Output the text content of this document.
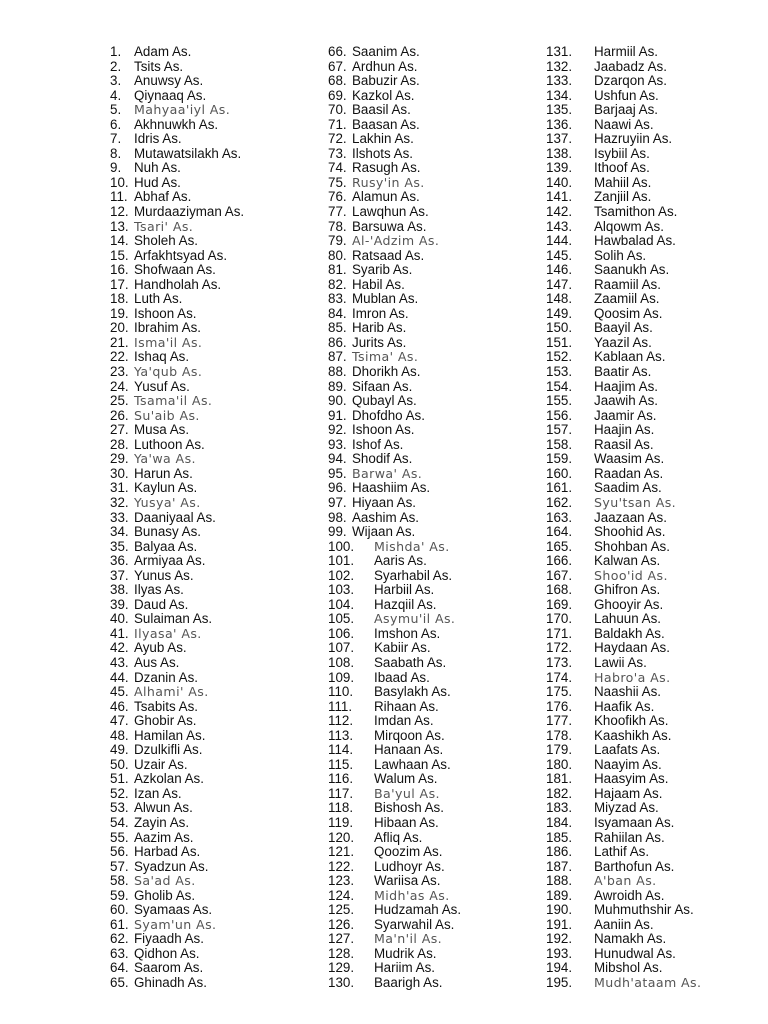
1. Adam As.
2. Tsits As.
3. Anuwsy As.
4. Qiynaaq As.
5. Mahyaa'iyl As.
6. Akhnuwkh As.
7. Idris As.
8. Mutawatsilakh As.
9. Nuh As.
10. Hud As.
11. Abhaf As.
12. Murdaaziyman As.
13. Tsari' As.
14. Sholeh As.
15. Arfakhtsyad As.
16. Shofwaan As.
17. Handholah As.
18. Luth As.
19. Ishoon As.
20. Ibrahim As.
21. Isma'il As.
22. Ishaq As.
23. Ya'qub As.
24. Yusuf As.
25. Tsama'il As.
26. Su'aib As.
27. Musa As.
28. Luthoon As.
29. Ya'wa As.
30. Harun As.
31. Kaylun As.
32. Yusya' As.
33. Daaniyaal As.
34. Bunasy As.
35. Balyaa As.
36. Armiyaa As.
37. Yunus As.
38. Ilyas As.
39. Daud As.
40. Sulaiman As.
41. Ilyasa' As.
42. Ayub As.
43. Aus As.
44. Dzanin As.
45. Alhami' As.
46. Tsabits As.
47. Ghobir As.
48. Hamilan As.
49. Dzulkifli As.
50. Uzair As.
51. Azkolan As.
52. Izan As.
53. Alwun As.
54. Zayin As.
55. Aazim As.
56. Harbad As.
57. Syadzun As.
58. Sa'ad As.
59. Gholib As.
60. Syamaas As.
61. Syam'un As.
62. Fiyaadh As.
63. Qidhon As.
64. Saarom As.
65. Ghinadh As.
66. Saanim As.
67. Ardhun As.
68. Babuzir As.
69. Kazkol As.
70. Baasil As.
71. Baasan As.
72. Lakhin As.
73. Ilshots As.
74. Rasugh As.
75. Rusy'in As.
76. Alamun As.
77. Lawqhun As.
78. Barsuwa As.
79. Al-'Adzim As.
80. Ratsaad As.
81. Syarib As.
82. Habil As.
83. Mublan As.
84. Imron As.
85. Harib As.
86. Jurits As.
87. Tsima' As.
88. Dhorikh As.
89. Sifaan As.
90. Qubayl As.
91. Dhofdho As.
92. Ishoon As.
93. Ishof As.
94. Shodif As.
95. Barwa' As.
96. Haashiim As.
97. Hiyaan As.
98. Aashim As.
99. Wijaan As.
100. Mishda' As.
101. Aaris As.
102. Syarhabil As.
103. Harbiil As.
104. Hazqiil As.
105. Asymu'il As.
106. Imshon As.
107. Kabiir As.
108. Saabath As.
109. Ibaad As.
110. Basylakh As.
111. Rihaan As.
112. Imdan As.
113. Mirqoon As.
114. Hanaan As.
115. Lawhaan As.
116. Walum As.
117. Ba'yul As.
118. Bishosh As.
119. Hibaan As.
120. Afliq As.
121. Qoozim As.
122. Ludhoyr As.
123. Wariisa As.
124. Midh'as As.
125. Hudzamah As.
126. Syarwahil As.
127. Ma'n'il As.
128. Mudrik As.
129. Hariim As.
130. Baarigh As.
131. Harmiil As.
132. Jaabadz As.
133. Dzarqon As.
134. Ushfun As.
135. Barjaaj As.
136. Naawi As.
137. Hazruyiin As.
138. Isybiil As.
139. Ithoof As.
140. Mahiil As.
141. Zanjiil As.
142. Tsamithon As.
143. Alqowm As.
144. Hawbalad As.
145. Solih As.
146. Saanukh As.
147. Raamiil As.
148. Zaamiil As.
149. Qoosim As.
150. Baayil As.
151. Yaazil As.
152. Kablaan As.
153. Baatir As.
154. Haajim As.
155. Jaawih As.
156. Jaamir As.
157. Haajin As.
158. Raasil As.
159. Waasim As.
160. Raadan As.
161. Saadim As.
162. Syu'tsan As.
163. Jaazaan As.
164. Shoohid As.
165. Shohban As.
166. Kalwan As.
167. Shoo'id As.
168. Ghifron As.
169. Ghooyir As.
170. Lahuun As.
171. Baldakh As.
172. Haydaan As.
173. Lawii As.
174. Habro'a As.
175. Naashii As.
176. Haafik As.
177. Khoofikh As.
178. Kaashikh As.
179. Laafats As.
180. Naayim As.
181. Haasyim As.
182. Hajaam As.
183. Miyzad As.
184. Isyamaan As.
185. Rahiilan As.
186. Lathif As.
187. Barthofun As.
188. A'ban As.
189. Awroidh As.
190. Muhmuthshir As.
191. Aaniin As.
192. Namakh As.
193. Hunudwal As.
194. Mibshol As.
195. Mudh'ataam As.
